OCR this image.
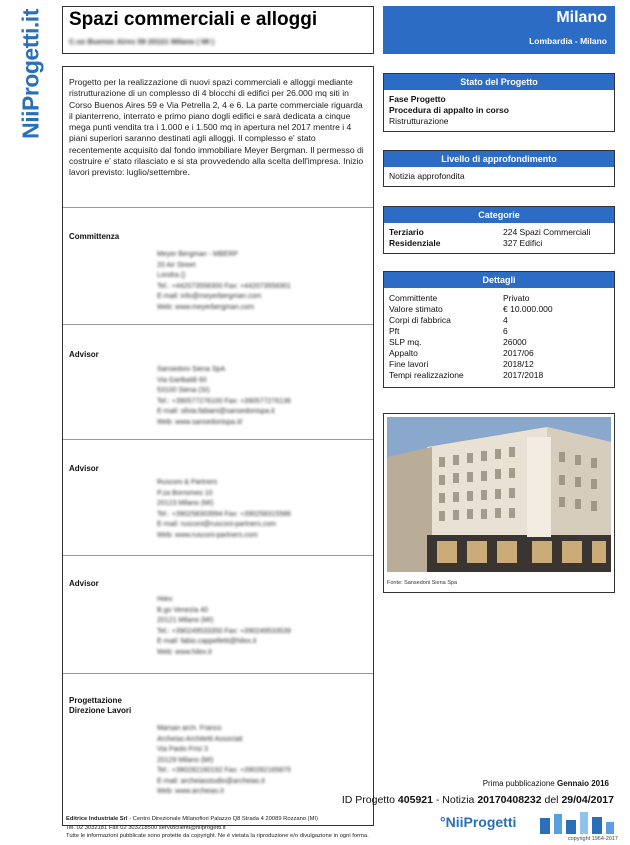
NiiProgetti.it Spazi commerciali e alloggi
C.so Buenos Aires 59 20121 Milano ( MI )
Milano
Lombardia - Milano
Progetto per la realizzazione di nuovi spazi commerciali e alloggi mediante ristrutturazione di un complesso di 4 blocchi di edifici per 26.000 mq siti in Corso Buenos Aires 59 e Via Petrella 2, 4 e 6. La parte commerciale riguarda il pianterreno, interrato e primo piano dogli edifici e sarà dedicata a cinque mega punti vendita tra i 1.000 e i 1.500 mq in apertura nel 2017 mentre i 4 piani superiori saranno destinati agli alloggi. Il complesso e' stato recentemente acquisito dal fondo immobiliare Meyer Bergman. Il permesso di costruire e' stato rilasciato e si sta provvedendo alla scelta dell'impresa. Inizio lavori previsto: luglio/settembre.
Committenza
Meyer Bergman - MBERP
20 Air Street
Londra ()
Tel.: +442073558300 Fax: +442073558301
E-mail: info@meyerbergman.com
Web: www.meyerbergman.com
Advisor
Sansedoni Siena SpA
Via Garibaldi 60
53100 Siena (SI)
Tel.: +390577276100 Fax: +390577276136
E-mail: silvia.fabiani@sansedonispa.it
Web: www.sansedonispa.it/
Advisor
Rusconi & Partners
P.za Borromeo 10
20123 Milano (MI)
Tel.: +390258303994 Fax: +390258315586
E-mail: rusconi@rusconi-partners.com
Web: www.rusconi-partners.com
Advisor
Hilex
B.go Venezia 40
20121 Milano (MI)
Tel.: +390249533350 Fax: +390249533539
E-mail: fabio.cappelletti@hilex.it
Web: www.hilex.it
Progettazione
Direzione Lavori
Marsan arch. Franco
Archeias Architetti Associati
Via Paolo Frisi 3
20129 Milano (MI)
Tel.: +390282160192 Fax: +390282165875
E-mail: archeiasstudio@archeias.it
Web: www.archeias.it
Stato del Progetto
Fase Progetto
Procedura di appalto in corso
Ristrutturazione
Livello di approfondimento
Notizia approfondita
Categorie
Terziario	224 Spazi Commerciali
Residenziale	327 Edifici
Dettagli
Committente	Privato
Valore stimato	€ 10.000.000
Corpi di fabbrica	4
Pft	6
SLP mq.	26000
Appalto	2017/06
Fine lavori	2018/12
Tempi realizzazione	2017/2018
Fonte: Sansedoni Siena Spa
Prima pubblicazione Gennaio 2016
ID Progetto 405921 - Notizia 20170408232 del 29/04/2017
Editrice Industriale Srl - Centro Direzionale Milanofiori Palazzo Q8 Strada 4 20089 Rozzano (MI)
Tel. 02 3032181 Fax 02 303218500 serviziclienti@niiprogetti.it
Tutte le informazioni pubblicate sono protette da copyright. Ne è vietata la riproduzione e/o divulgazione in ogni forma.
°NiiProgetti
copyright 1964-2017
